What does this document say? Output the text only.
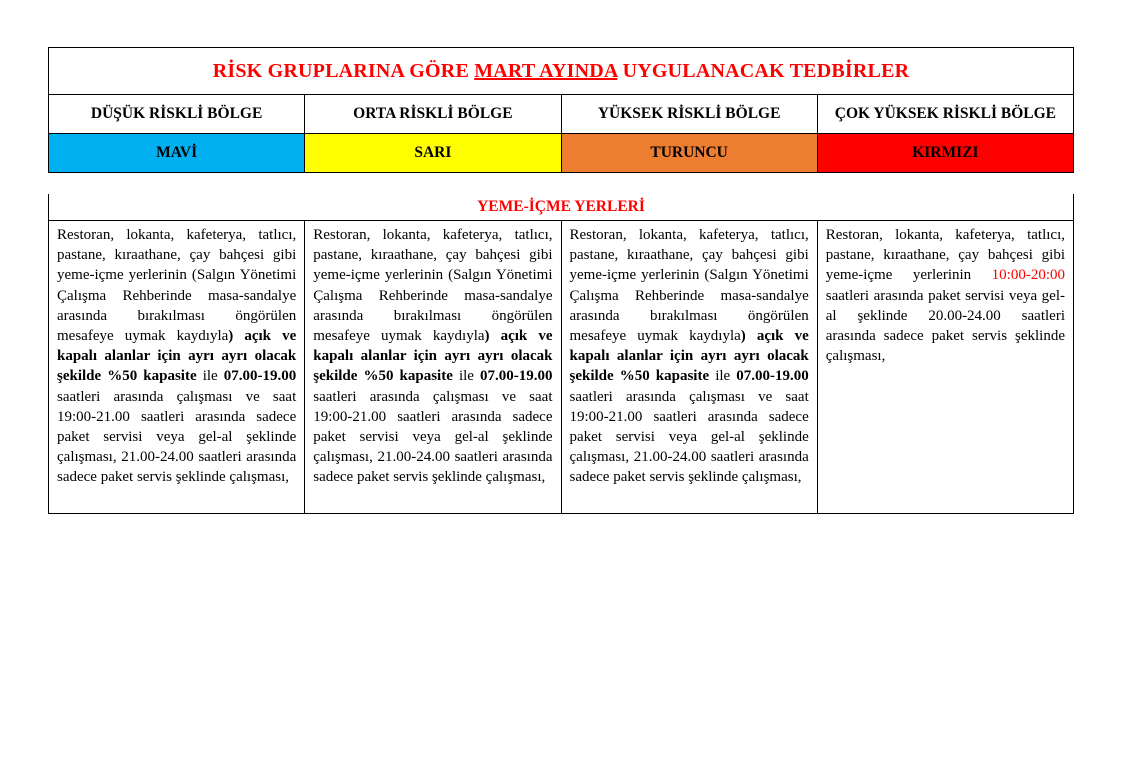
RİSK GRUPLARINA GÖRE MART AYINDA UYGULANACAK TEDBİRLER			
DÜŞÜK RİSKLİ BÖLGE	ORTA RİSKLİ BÖLGE	YÜKSEK RİSKLİ BÖLGE	ÇOK YÜKSEK RİSKLİ BÖLGE
MAVİ	SARI	TURUNCU	KIRMIZI
YEME-İÇME YERLERİ
Restoran, lokanta, kafeterya, tatlıcı, pastane, kıraathane, çay bahçesi gibi yeme-içme yerlerinin (Salgın Yönetimi Çalışma Rehberinde masa-sandalye arasında bırakılması öngörülen mesafeye uymak kaydıyla) açık ve kapalı alanlar için ayrı ayrı olacak şekilde %50 kapasite ile 07.00-19.00 saatleri arasında çalışması ve saat 19:00-21.00 saatleri arasında sadece paket servisi veya gel-al şeklinde çalışması, 21.00-24.00 saatleri arasında sadece paket servis şeklinde çalışması,	Restoran, lokanta, kafeterya, tatlıcı, pastane, kıraathane, çay bahçesi gibi yeme-içme yerlerinin (Salgın Yönetimi Çalışma Rehberinde masa-sandalye arasında bırakılması öngörülen mesafeye uymak kaydıyla) açık ve kapalı alanlar için ayrı ayrı olacak şekilde %50 kapasite ile 07.00-19.00 saatleri arasında çalışması ve saat 19:00-21.00 saatleri arasında sadece paket servisi veya gel-al şeklinde çalışması, 21.00-24.00 saatleri arasında sadece paket servis şeklinde çalışması,	Restoran, lokanta, kafeterya, tatlıcı, pastane, kıraathane, çay bahçesi gibi yeme-içme yerlerinin (Salgın Yönetimi Çalışma Rehberinde masa-sandalye arasında bırakılması öngörülen mesafeye uymak kaydıyla) açık ve kapalı alanlar için ayrı ayrı olacak şekilde %50 kapasite ile 07.00-19.00 saatleri arasında çalışması ve saat 19:00-21.00 saatleri arasında sadece paket servisi veya gel-al şeklinde çalışması, 21.00-24.00 saatleri arasında sadece paket servis şeklinde çalışması,	Restoran, lokanta, kafeterya, tatlıcı, pastane, kıraathane, çay bahçesi gibi yeme-içme yerlerinin 10:00-20:00 saatleri arasında paket servisi veya gel-al şeklinde 20.00-24.00 saatleri arasında sadece paket servis şeklinde çalışması,
